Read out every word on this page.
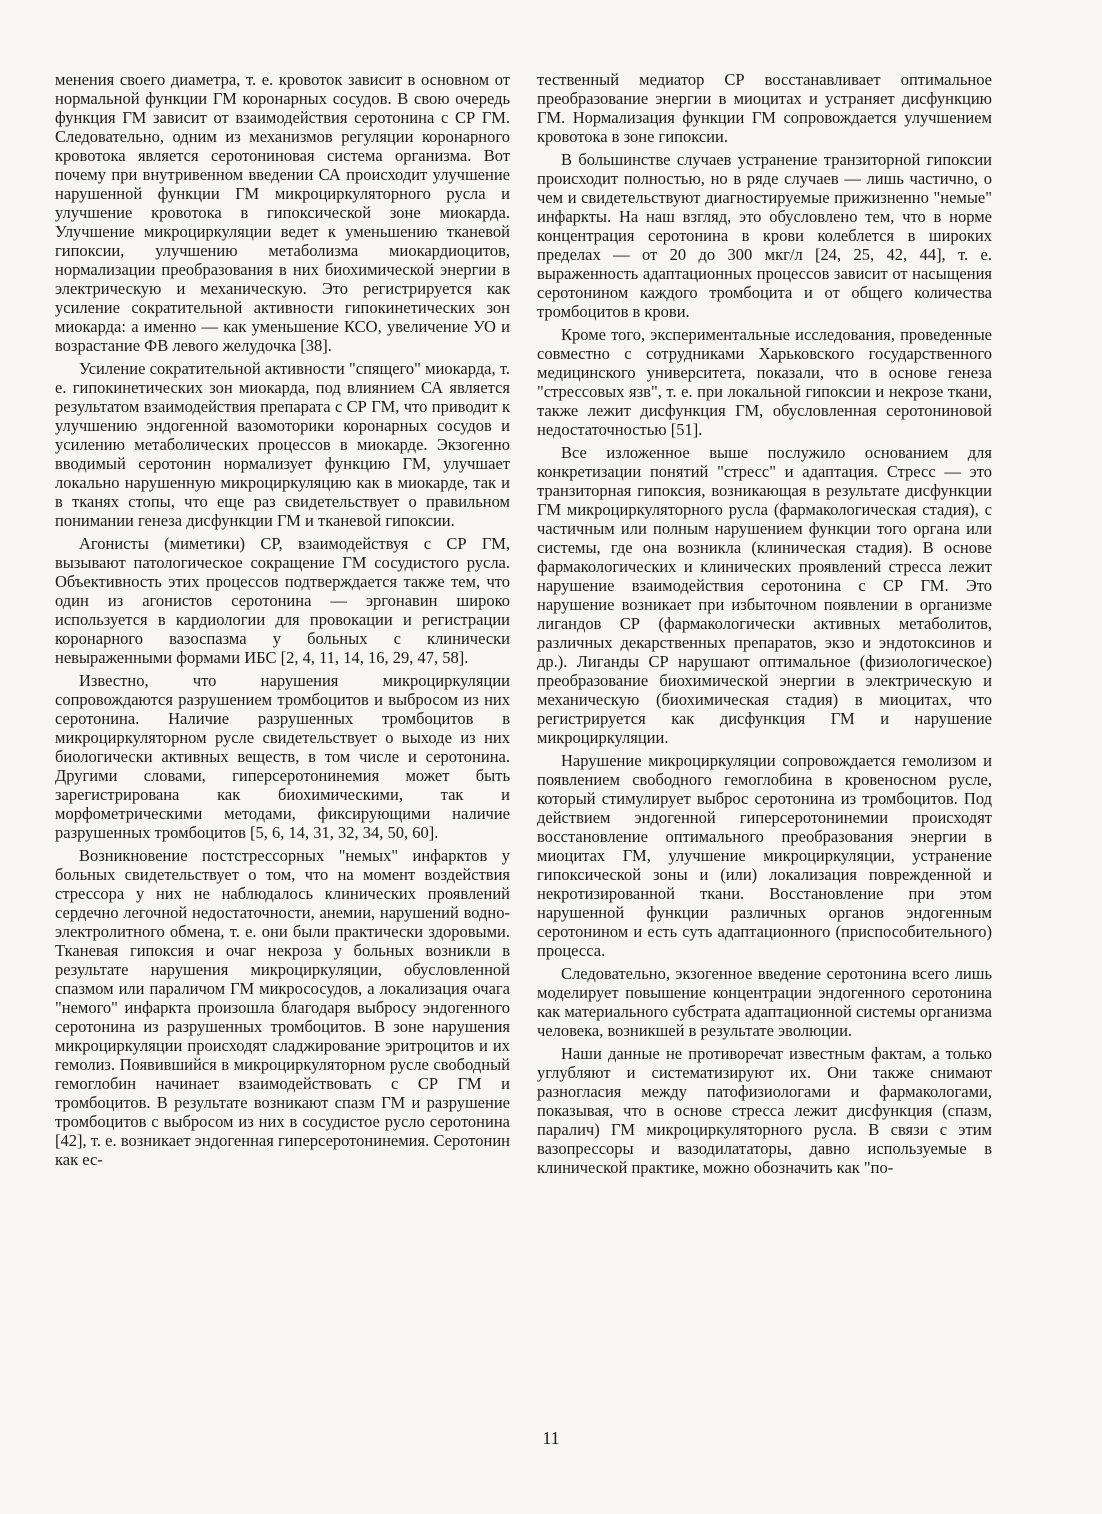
менения своего диаметра, т. е. кровоток зависит в основном от нормальной функции ГМ коронарных сосудов. В свою очередь функция ГМ зависит от взаимодействия серотонина с СР ГМ. Следовательно, одним из механизмов регуляции коронарного кровотока является серотониновая система организма. Вот почему при внутривенном введении СА происходит улучшение нарушенной функции ГМ микроциркуляторного русла и улучшение кровотока в гипоксической зоне миокарда. Улучшение микроциркуляции ведет к уменьшению тканевой гипоксии, улучшению метаболизма миокардиоцитов, нормализации преобразования в них биохимической энергии в электрическую и механическую. Это регистрируется как усиление сократительной активности гипокинетических зон миокарда: а именно — как уменьшение КСО, увеличение УО и возрастание ФВ левого желудочка [38].

Усиление сократительной активности "спящего" миокарда, т. е. гипокинетических зон миокарда, под влиянием СА является результатом взаимодействия препарата с СР ГМ, что приводит к улучшению эндогенной вазомоторики коронарных сосудов и усилению метаболических процессов в миокарде. Экзогенно вводимый серотонин нормализует функцию ГМ, улучшает локально нарушенную микроциркуляцию как в миокарде, так и в тканях стопы, что еще раз свидетельствует о правильном понимании генеза дисфункции ГМ и тканевой гипоксии.

Агонисты (миметики) СР, взаимодействуя с СР ГМ, вызывают патологическое сокращение ГМ сосудистого русла. Объективность этих процессов подтверждается также тем, что один из агонистов серотонина — эргонавин широко используется в кардиологии для провокации и регистрации коронарного вазоспазма у больных с клинически невыраженными формами ИБС [2, 4, 11, 14, 16, 29, 47, 58].

Известно, что нарушения микроциркуляции сопровождаются разрушением тромбоцитов и выбросом из них серотонина. Наличие разрушенных тромбоцитов в микроциркуляторном русле свидетельствует о выходе из них биологически активных веществ, в том числе и серотонина. Другими словами, гиперсеротонинемия может быть зарегистрирована как биохимическими, так и морфометрическими методами, фиксирующими наличие разрушенных тромбоцитов [5, 6, 14, 31, 32, 34, 50, 60].

Возникновение постстрессорных "немых" инфарктов у больных свидетельствует о том, что на момент воздействия стрессора у них не наблюдалось клинических проявлений сердечно легочной недостаточности, анемии, нарушений водно-электролитного обмена, т. е. они были практически здоровыми. Тканевая гипоксия и очаг некроза у больных возникли в результате нарушения микроциркуляции, обусловленной спазмом или параличом ГМ микрососудов, а локализация очага "немого" инфаркта произошла благодаря выбросу эндогенного серотонина из разрушенных тромбоцитов. В зоне нарушения микроциркуляции происходят сладжирование эритроцитов и их гемолиз. Появившийся в микроциркуляторном русле свободный гемоглобин начинает взаимодействовать с СР ГМ и тромбоцитов. В результате возникают спазм ГМ и разрушение тромбоцитов с выбросом из них в сосудистое русло серотонина [42], т. е. возникает эндогенная гиперсеротонинемия. Серотонин как ес-

тественный медиатор СР восстанавливает оптимальное преобразование энергии в миоцитах и устраняет дисфункцию ГМ. Нормализация функции ГМ сопровождается улучшением кровотока в зоне гипоксии.

В большинстве случаев устранение транзиторной гипоксии происходит полностью, но в ряде случаев — лишь частично, о чем и свидетельствуют диагностируемые прижизненно "немые" инфаркты. На наш взгляд, это обусловлено тем, что в норме концентрация серотонина в крови колеблется в широких пределах — от 20 до 300 мкг/л [24, 25, 42, 44], т. е. выраженность адаптационных процессов зависит от насыщения серотонином каждого тромбоцита и от общего количества тромбоцитов в крови.

Кроме того, экспериментальные исследования, проведенные совместно с сотрудниками Харьковского государственного медицинского университета, показали, что в основе генеза "стрессовых язв", т. е. при локальной гипоксии и некрозе ткани, также лежит дисфункция ГМ, обусловленная серотониновой недостаточностью [51].

Все изложенное выше послужило основанием для конкретизации понятий "стресс" и адаптация. Стресс — это транзиторная гипоксия, возникающая в результате дисфункции ГМ микроциркуляторного русла (фармакологическая стадия), с частичным или полным нарушением функции того органа или системы, где она возникла (клиническая стадия). В основе фармакологических и клинических проявлений стресса лежит нарушение взаимодействия серотонина с СР ГМ. Это нарушение возникает при избыточном появлении в организме лигандов СР (фармакологически активных метаболитов, различных декарственных препаратов, экзо и эндотоксинов и др.). Лиганды СР нарушают оптимальное (физиологическое) преобразование биохимической энергии в электрическую и механическую (биохимическая стадия) в миоцитах, что регистрируется как дисфункция ГМ и нарушение микроциркуляции.

Нарушение микроциркуляции сопровождается гемолизом и появлением свободного гемоглобина в кровеносном русле, который стимулирует выброс серотонина из тромбоцитов. Под действием эндогенной гиперсеротонинемии происходят восстановление оптимального преобразования энергии в миоцитах ГМ, улучшение микроциркуляции, устранение гипоксической зоны и (или) локализация поврежденной и некротизированной ткани. Восстановление при этом нарушенной функции различных органов эндогенным серотонином и есть суть адаптационного (приспособительного) процесса.

Следовательно, экзогенное введение серотонина всего лишь моделирует повышение концентрации эндогенного серотонина как материального субстрата адаптационной системы организма человека, возникшей в результате эволюции.

Наши данные не противоречат известным фактам, а только углубляют и систематизируют их. Они также снимают разногласия между патофизиологами и фармакологами, показывая, что в основе стресса лежит дисфункция (спазм, паралич) ГМ микроциркуляторного русла. В связи с этим вазопрессоры и вазодилататоры, давно используемые в клинической практике, можно обозначить как "по-

11
